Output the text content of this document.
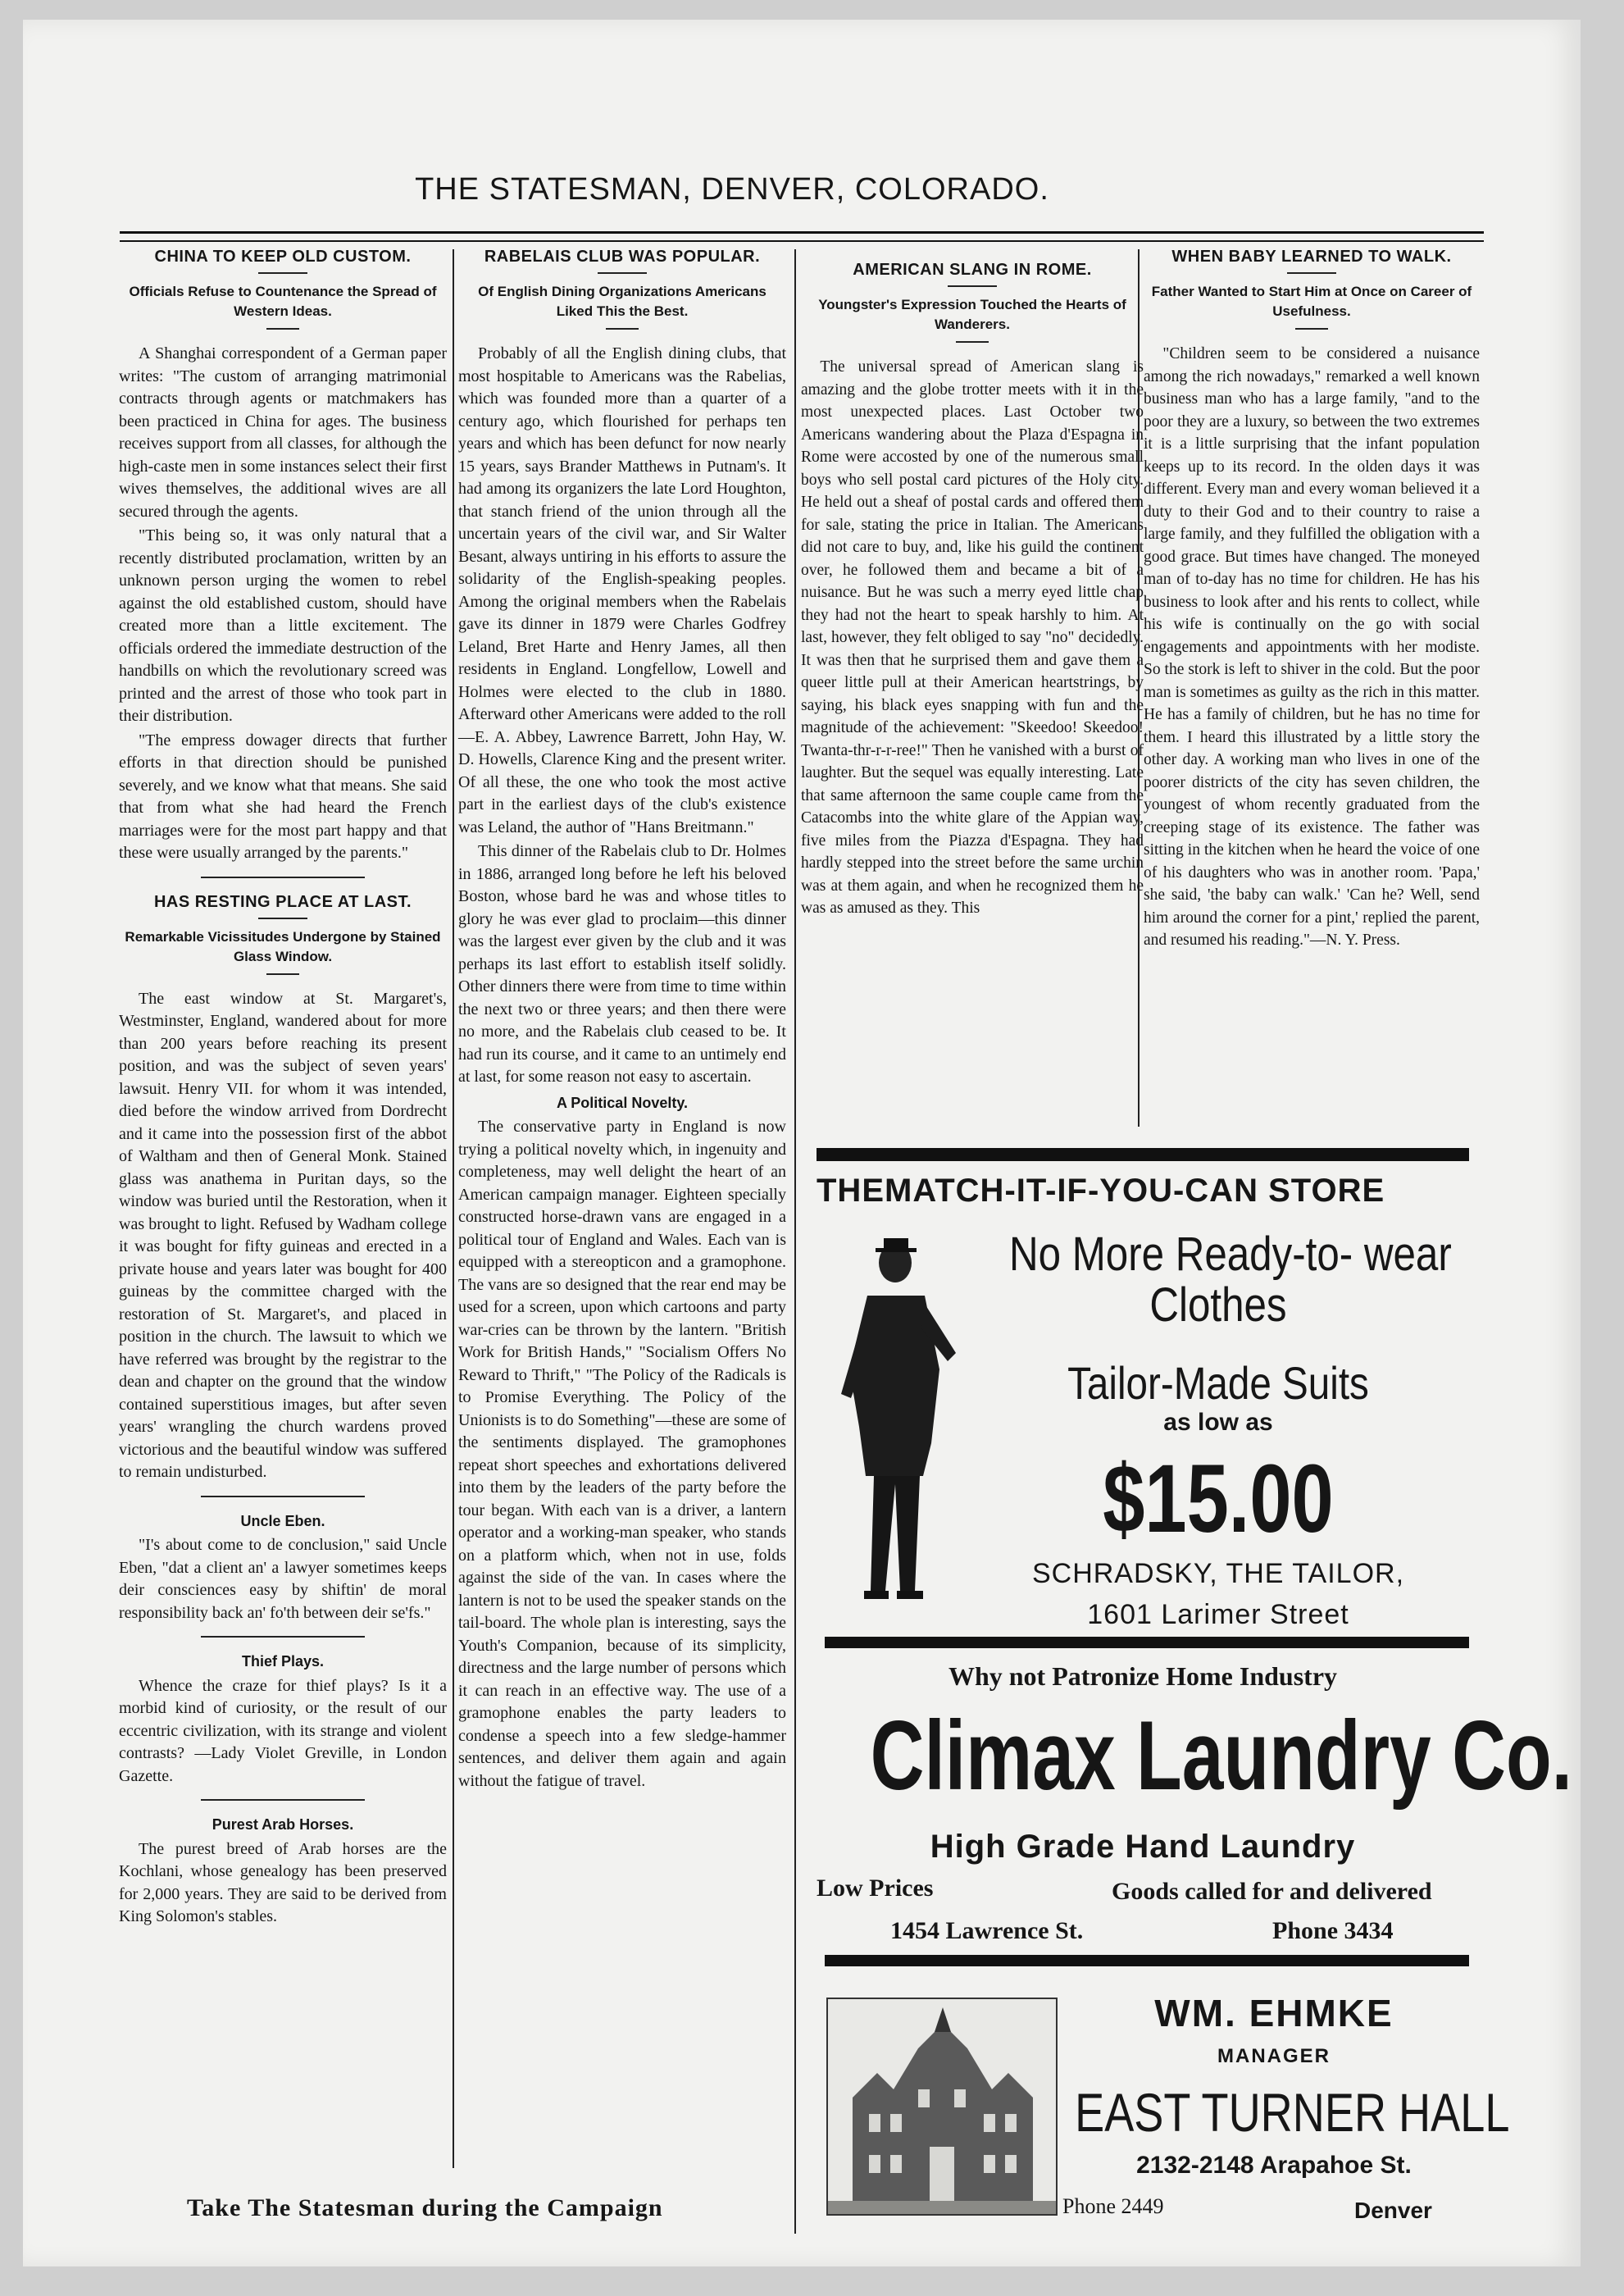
THE STATESMAN, DENVER, COLORADO.
CHINA TO KEEP OLD CUSTOM.
Officials Refuse to Countenance the Spread of Western Ideas.

A Shanghai correspondent of a German paper writes: "The custom of arranging matrimonial contracts through agents or matchmakers has been practiced in China for ages. The business receives support from all classes, for although the high-caste men in some instances select their first wives themselves, the additional wives are all secured through the agents.

"This being so, it was only natural that a recently distributed proclamation, written by an unknown person urging the women to rebel against the old established custom, should have created more than a little excitement. The officials ordered the immediate destruction of the handbills on which the revolutionary screed was printed and the arrest of those who took part in their distribution.

"The empress dowager directs that further efforts in that direction should be punished severely, and we know what that means. She said that from what she had heard the French marriages were for the most part happy and that these were usually arranged by the parents."

HAS RESTING PLACE AT LAST.
Remarkable Vicissitudes Undergone by Stained Glass Window.

The east window at St. Margaret's, Westminster, England, wandered about for more than 200 years before reaching its present position, and was the subject of seven years' lawsuit. Henry VII. for whom it was intended, died before the window arrived from Dordrecht and it came into the possession first of the abbot of Waltham and then of General Monk. Stained glass was anathema in Puritan days, so the window was buried until the Restoration, when it was brought to light. Refused by Wadham college it was bought for fifty guineas and erected in a private house and years later was bought for 400 guineas by the committee charged with the restoration of St. Margaret's, and placed in position in the church. The lawsuit to which we have referred was brought by the registrar to the dean and chapter on the ground that the window contained superstitious images, but after seven years' wrangling the church wardens proved victorious and the beautiful window was suffered to remain undisturbed.

Uncle Eben.

"I's about come to de conclusion," said Uncle Eben, "dat a client an' a lawyer sometimes keeps deir consciences easy by shiftin' de moral responsibility back an' fo'th between deir se'fs."

Thief Plays.

Whence the craze for thief plays? Is it a morbid kind of curiosity, or the result of our eccentric civilization, with its strange and violent contrasts? —Lady Violet Greville, in London Gazette.

Purest Arab Horses.

The purest breed of Arab horses are the Kochlani, whose genealogy has been preserved for 2,000 years. They are said to be derived from King Solomon's stables.

RABELAIS CLUB WAS POPULAR.
Of English Dining Organizations Americans Liked This the Best.

Probably of all the English dining clubs, that most hospitable to Americans was the Rabelias, which was founded more than a quarter of a century ago, which flourished for perhaps ten years and which has been defunct for now nearly 15 years, says Brander Matthews in Putnam's. It had among its organizers the late Lord Houghton, that stanch friend of the union through all the uncertain years of the civil war, and Sir Walter Besant, always untiring in his efforts to assure the solidarity of the English-speaking peoples. Among the original members when the Rabelais gave its dinner in 1879 were Charles Godfrey Leland, Bret Harte and Henry James, all then residents in England. Longfellow, Lowell and Holmes were elected to the club in 1880. Afterward other Americans were added to the roll—E. A. Abbey, Lawrence Barrett, John Hay, W. D. Howells, Clarence King and the present writer. Of all these, the one who took the most active part in the earliest days of the club's existence was Leland, the author of "Hans Breitmann."

This dinner of the Rabelais club to Dr. Holmes in 1886, arranged long before he left his beloved Boston, whose bard he was and whose titles to glory he was ever glad to proclaim—this dinner was the largest ever given by the club and it was perhaps its last effort to establish itself solidly. Other dinners there were from time to time within the next two or three years; and then there were no more, and the Rabelais club ceased to be. It had run its course, and it came to an untimely end at last, for some reason not easy to ascertain.

A Political Novelty.

The conservative party in England is now trying a political novelty which, in ingenuity and completeness, may well delight the heart of an American campaign manager. Eighteen specially constructed horse-drawn vans are engaged in a political tour of England and Wales. Each van is equipped with a stereopticon and a gramophone. The vans are so designed that the rear end may be used for a screen, upon which cartoons and party war-cries can be thrown by the lantern. "British Work for British Hands," "Socialism Offers No Reward to Thrift," "The Policy of the Radicals is to Promise Everything. The Policy of the Unionists is to do Something"—these are some of the sentiments displayed. The gramophones repeat short speeches and exhortations delivered into them by the leaders of the party before the tour began. With each van is a driver, a lantern operator and a working-man speaker, who stands on a platform which, when not in use, folds against the side of the van. In cases where the lantern is not to be used the speaker stands on the tail-board. The whole plan is interesting, says the Youth's Companion, because of its simplicity, directness and the large number of persons which it can reach in an effective way. The use of a gramophone enables the party leaders to condense a speech into a few sledge-hammer sentences, and deliver them again and again without the fatigue of travel.

AMERICAN SLANG IN ROME.
Youngster's Expression Touched the Hearts of Wanderers.

The universal spread of American slang is amazing and the globe trotter meets with it in the most unexpected places. Last October two Americans wandering about the Plaza d'Espagna in Rome were accosted by one of the numerous small boys who sell postal card pictures of the Holy city. He held out a sheaf of postal cards and offered them for sale, stating the price in Italian. The Americans did not care to buy, and, like his guild the continent over, he followed them and became a bit of a nuisance. But he was such a merry eyed little chap they had not the heart to speak harshly to him. At last, however, they felt obliged to say "no" decidedly. It was then that he surprised them and gave them a queer little pull at their American heartstrings, by saying, his black eyes snapping with fun and the magnitude of the achievement: "Skeedoo! Skeedoo! Twanta-thr-r-r-ree!" Then he vanished with a burst of laughter. But the sequel was equally interesting. Late that same afternoon the same couple came from the Catacombs into the white glare of the Appian way, five miles from the Piazza d'Espagna. They had hardly stepped into the street before the same urchin was at them again, and when he recognized them he was as amused as they. This

WHEN BABY LEARNED TO WALK.
Father Wanted to Start Him at Once on Career of Usefulness.

"Children seem to be considered a nuisance among the rich nowadays," remarked a well known business man who has a large family, "and to the poor they are a luxury, so between the two extremes it is a little surprising that the infant population keeps up to its record. In the olden days it was different. Every man and every woman believed it a duty to their God and to their country to raise a large family, and they fulfilled the obligation with a good grace. But times have changed. The moneyed man of to-day has no time for children. He has his business to look after and his rents to collect, while his wife is continually on the go with social engagements and appointments with her modiste. So the stork is left to shiver in the cold. But the poor man is sometimes as guilty as the rich in this matter. He has a family of children, but he has no time for them. I heard this illustrated by a little story the other day. A working man who lives in one of the poorer districts of the city has seven children, the youngest of whom recently graduated from the creeping stage of its existence. The father was sitting in the kitchen when he heard the voice of one of his daughters who was in another room. 'Papa,' she said, 'the baby can walk.' 'Can he? Well, send him around the corner for a pint,' replied the parent, and resumed his reading."—N. Y. Press.

THEMATCH-IT-IF-YOU-CAN STORE
No More Ready-to- wear
Clothes
Tailor-Made Suits
as low as
$15.00
SCHRADSKY, THE TAILOR,
1601 Larimer Street
Why not Patronize Home Industry
Climax Laundry Co.
High Grade Hand Laundry
Low Prices	Goods called for and delivered
1454 Lawrence St.	Phone 3434
WM. EHMKE
MANAGER
EAST TURNER HALL
2132-2148 Arapahoe St.
Phone 2449	Denver
Take The Statesman during the Campaign
